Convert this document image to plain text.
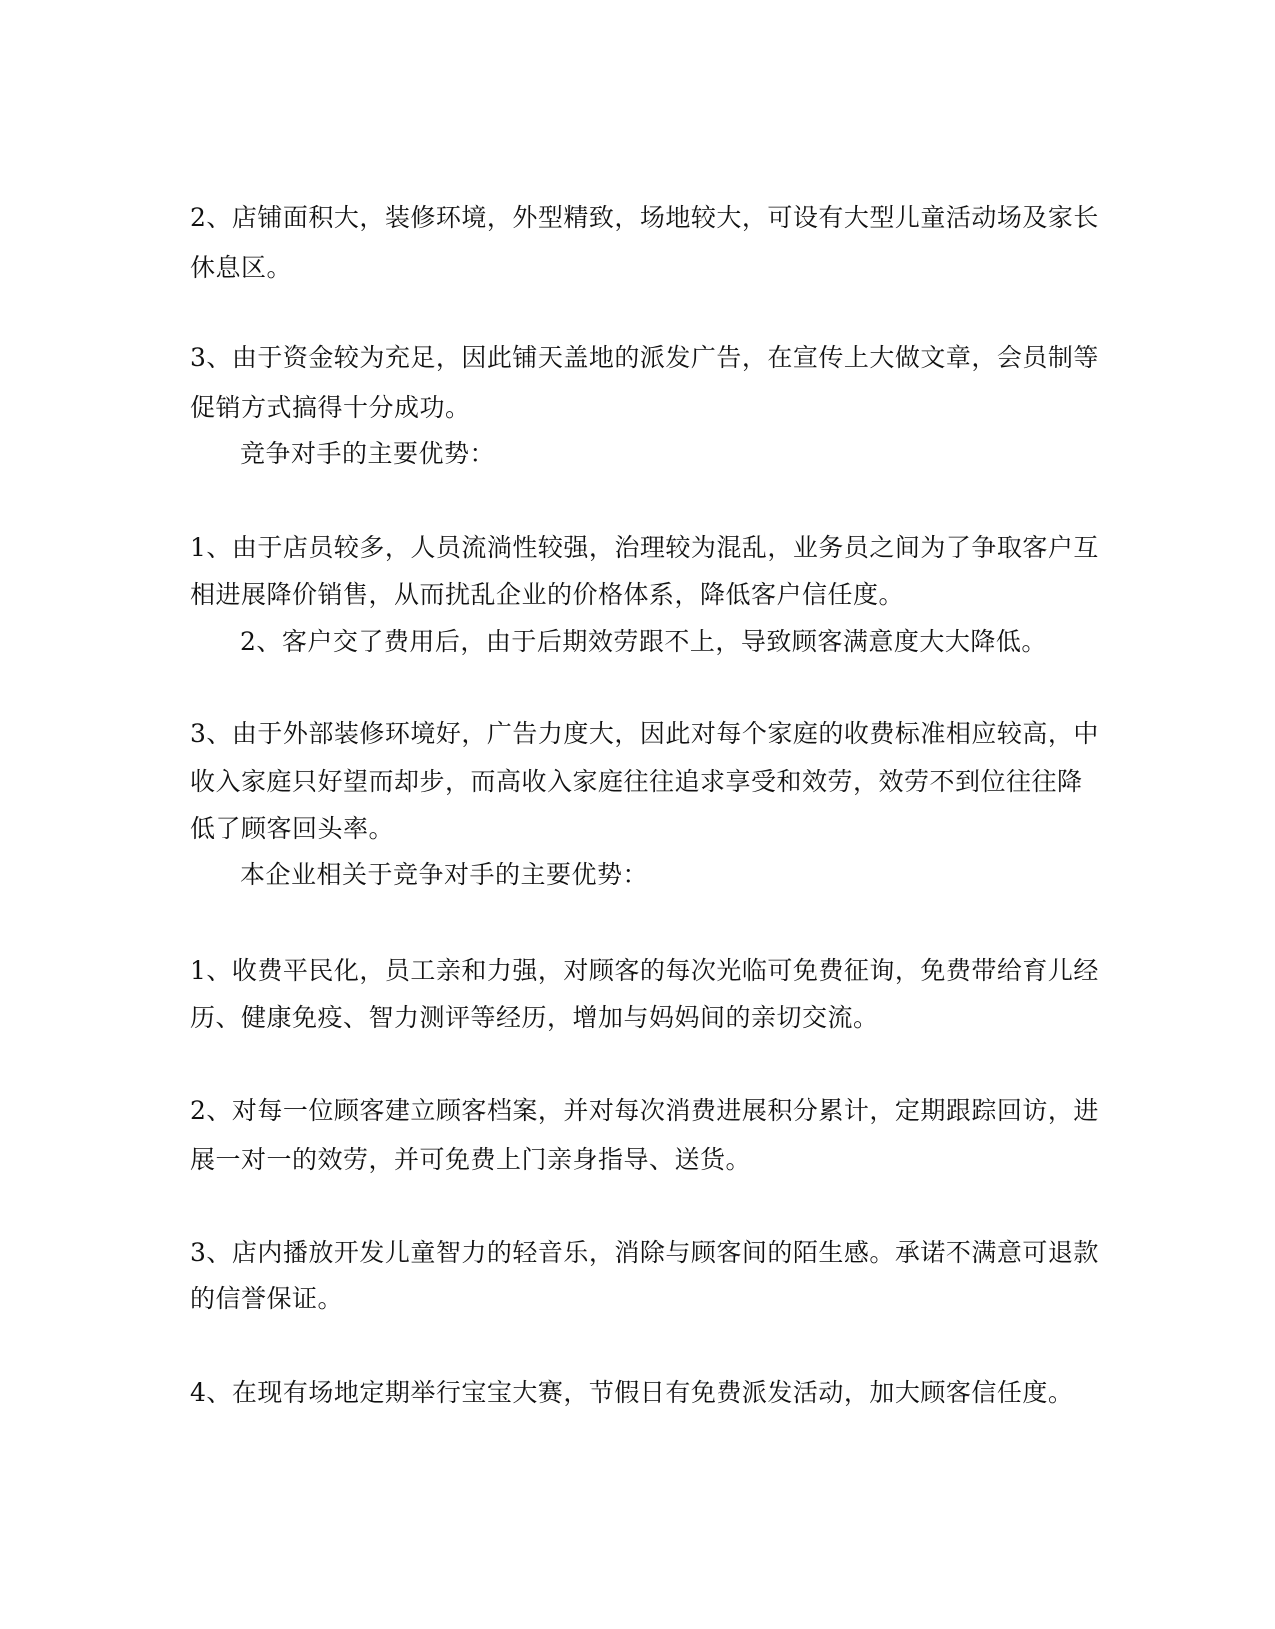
2、店铺面积大，装修环境，外型精致，场地较大，可设有大型儿童活动场及家长
休息区。
3、由于资金较为充足，因此铺天盖地的派发广告，在宣传上大做文章，会员制等
促销方式搞得十分成功。
竞争对手的主要优势：
1、由于店员较多，人员流淌性较强，治理较为混乱，业务员之间为了争取客户互
相进展降价销售，从而扰乱企业的价格体系，降低客户信任度。
2、客户交了费用后，由于后期效劳跟不上，导致顾客满意度大大降低。
3、由于外部装修环境好，广告力度大，因此对每个家庭的收费标准相应较高，中
收入家庭只好望而却步，而高收入家庭往往追求享受和效劳，效劳不到位往往降
低了顾客回头率。
本企业相关于竞争对手的主要优势：
1、收费平民化，员工亲和力强，对顾客的每次光临可免费征询，免费带给育儿经
历、健康免疫、智力测评等经历，增加与妈妈间的亲切交流。
2、对每一位顾客建立顾客档案，并对每次消费进展积分累计，定期跟踪回访，进
展一对一的效劳，并可免费上门亲身指导、送货。
3、店内播放开发儿童智力的轻音乐，消除与顾客间的陌生感。承诺不满意可退款
的信誉保证。
4、在现有场地定期举行宝宝大赛，节假日有免费派发活动，加大顾客信任度。
